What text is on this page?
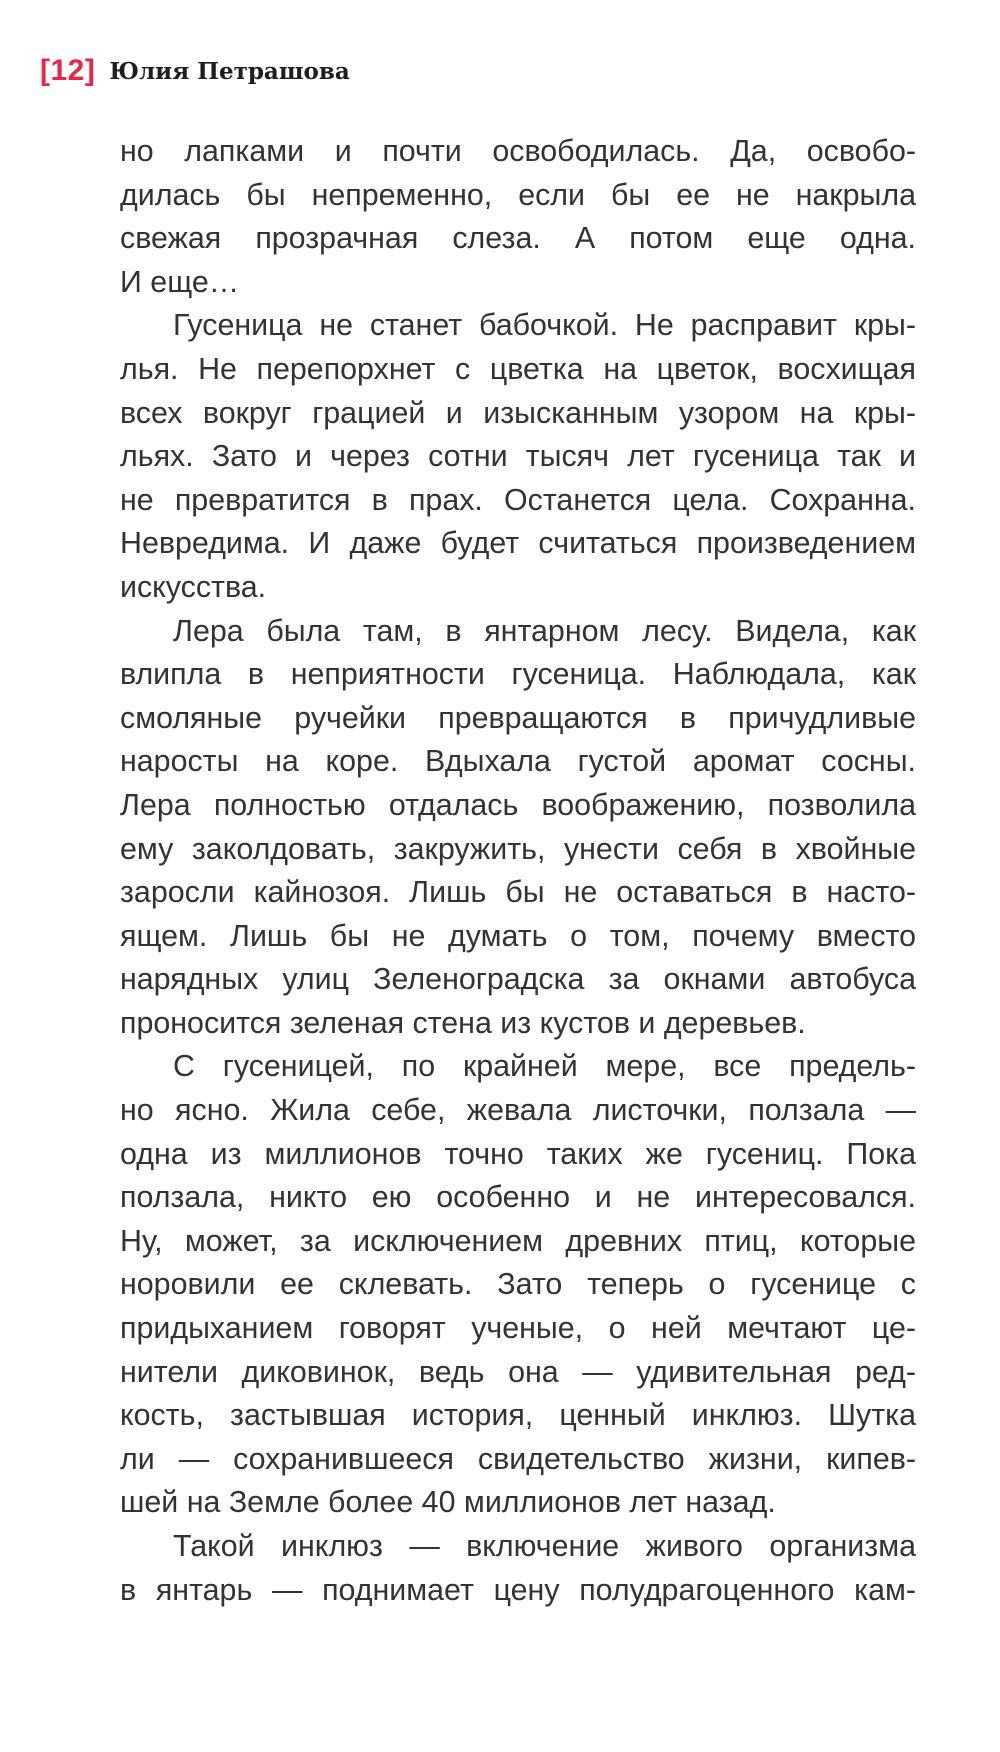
[12] Юлия Петрашова
но лапками и почти освободилась. Да, освобо-
дилась бы непременно, если бы ее не накрыла
свежая прозрачная слеза. А потом еще одна.
И еще…
Гусеница не станет бабочкой. Не расправит кры-
лья. Не перепорхнет с цветка на цветок, восхищая
всех вокруг грацией и изысканным узором на кры-
льях. Зато и через сотни тысяч лет гусеница так и
не превратится в прах. Останется цела. Сохранна.
Невредима. И даже будет считаться произведением
искусства.
Лера была там, в янтарном лесу. Видела, как
влипла в неприятности гусеница. Наблюдала, как
смоляные ручейки превращаются в причудливые
наросты на коре. Вдыхала густой аромат сосны.
Лера полностью отдалась воображению, позволила
ему заколдовать, закружить, унести себя в хвойные
заросли кайнозоя. Лишь бы не оставаться в насто-
ящем. Лишь бы не думать о том, почему вместо
нарядных улиц Зеленоградска за окнами автобуса
проносится зеленая стена из кустов и деревьев.
С гусеницей, по крайней мере, все предель-
но ясно. Жила себе, жевала листочки, ползала —
одна из миллионов точно таких же гусениц. Пока
ползала, никто ею особенно и не интересовался.
Ну, может, за исключением древних птиц, которые
норовили ее склевать. Зато теперь о гусенице с
придыханием говорят ученые, о ней мечтают це-
нители диковинок, ведь она — удивительная ред-
кость, застывшая история, ценный инклюз. Шутка
ли — сохранившееся свидетельство жизни, кипев-
шей на Земле более 40 миллионов лет назад.
Такой инклюз — включение живого организма
в янтарь — поднимает цену полудрагоценного кам-
